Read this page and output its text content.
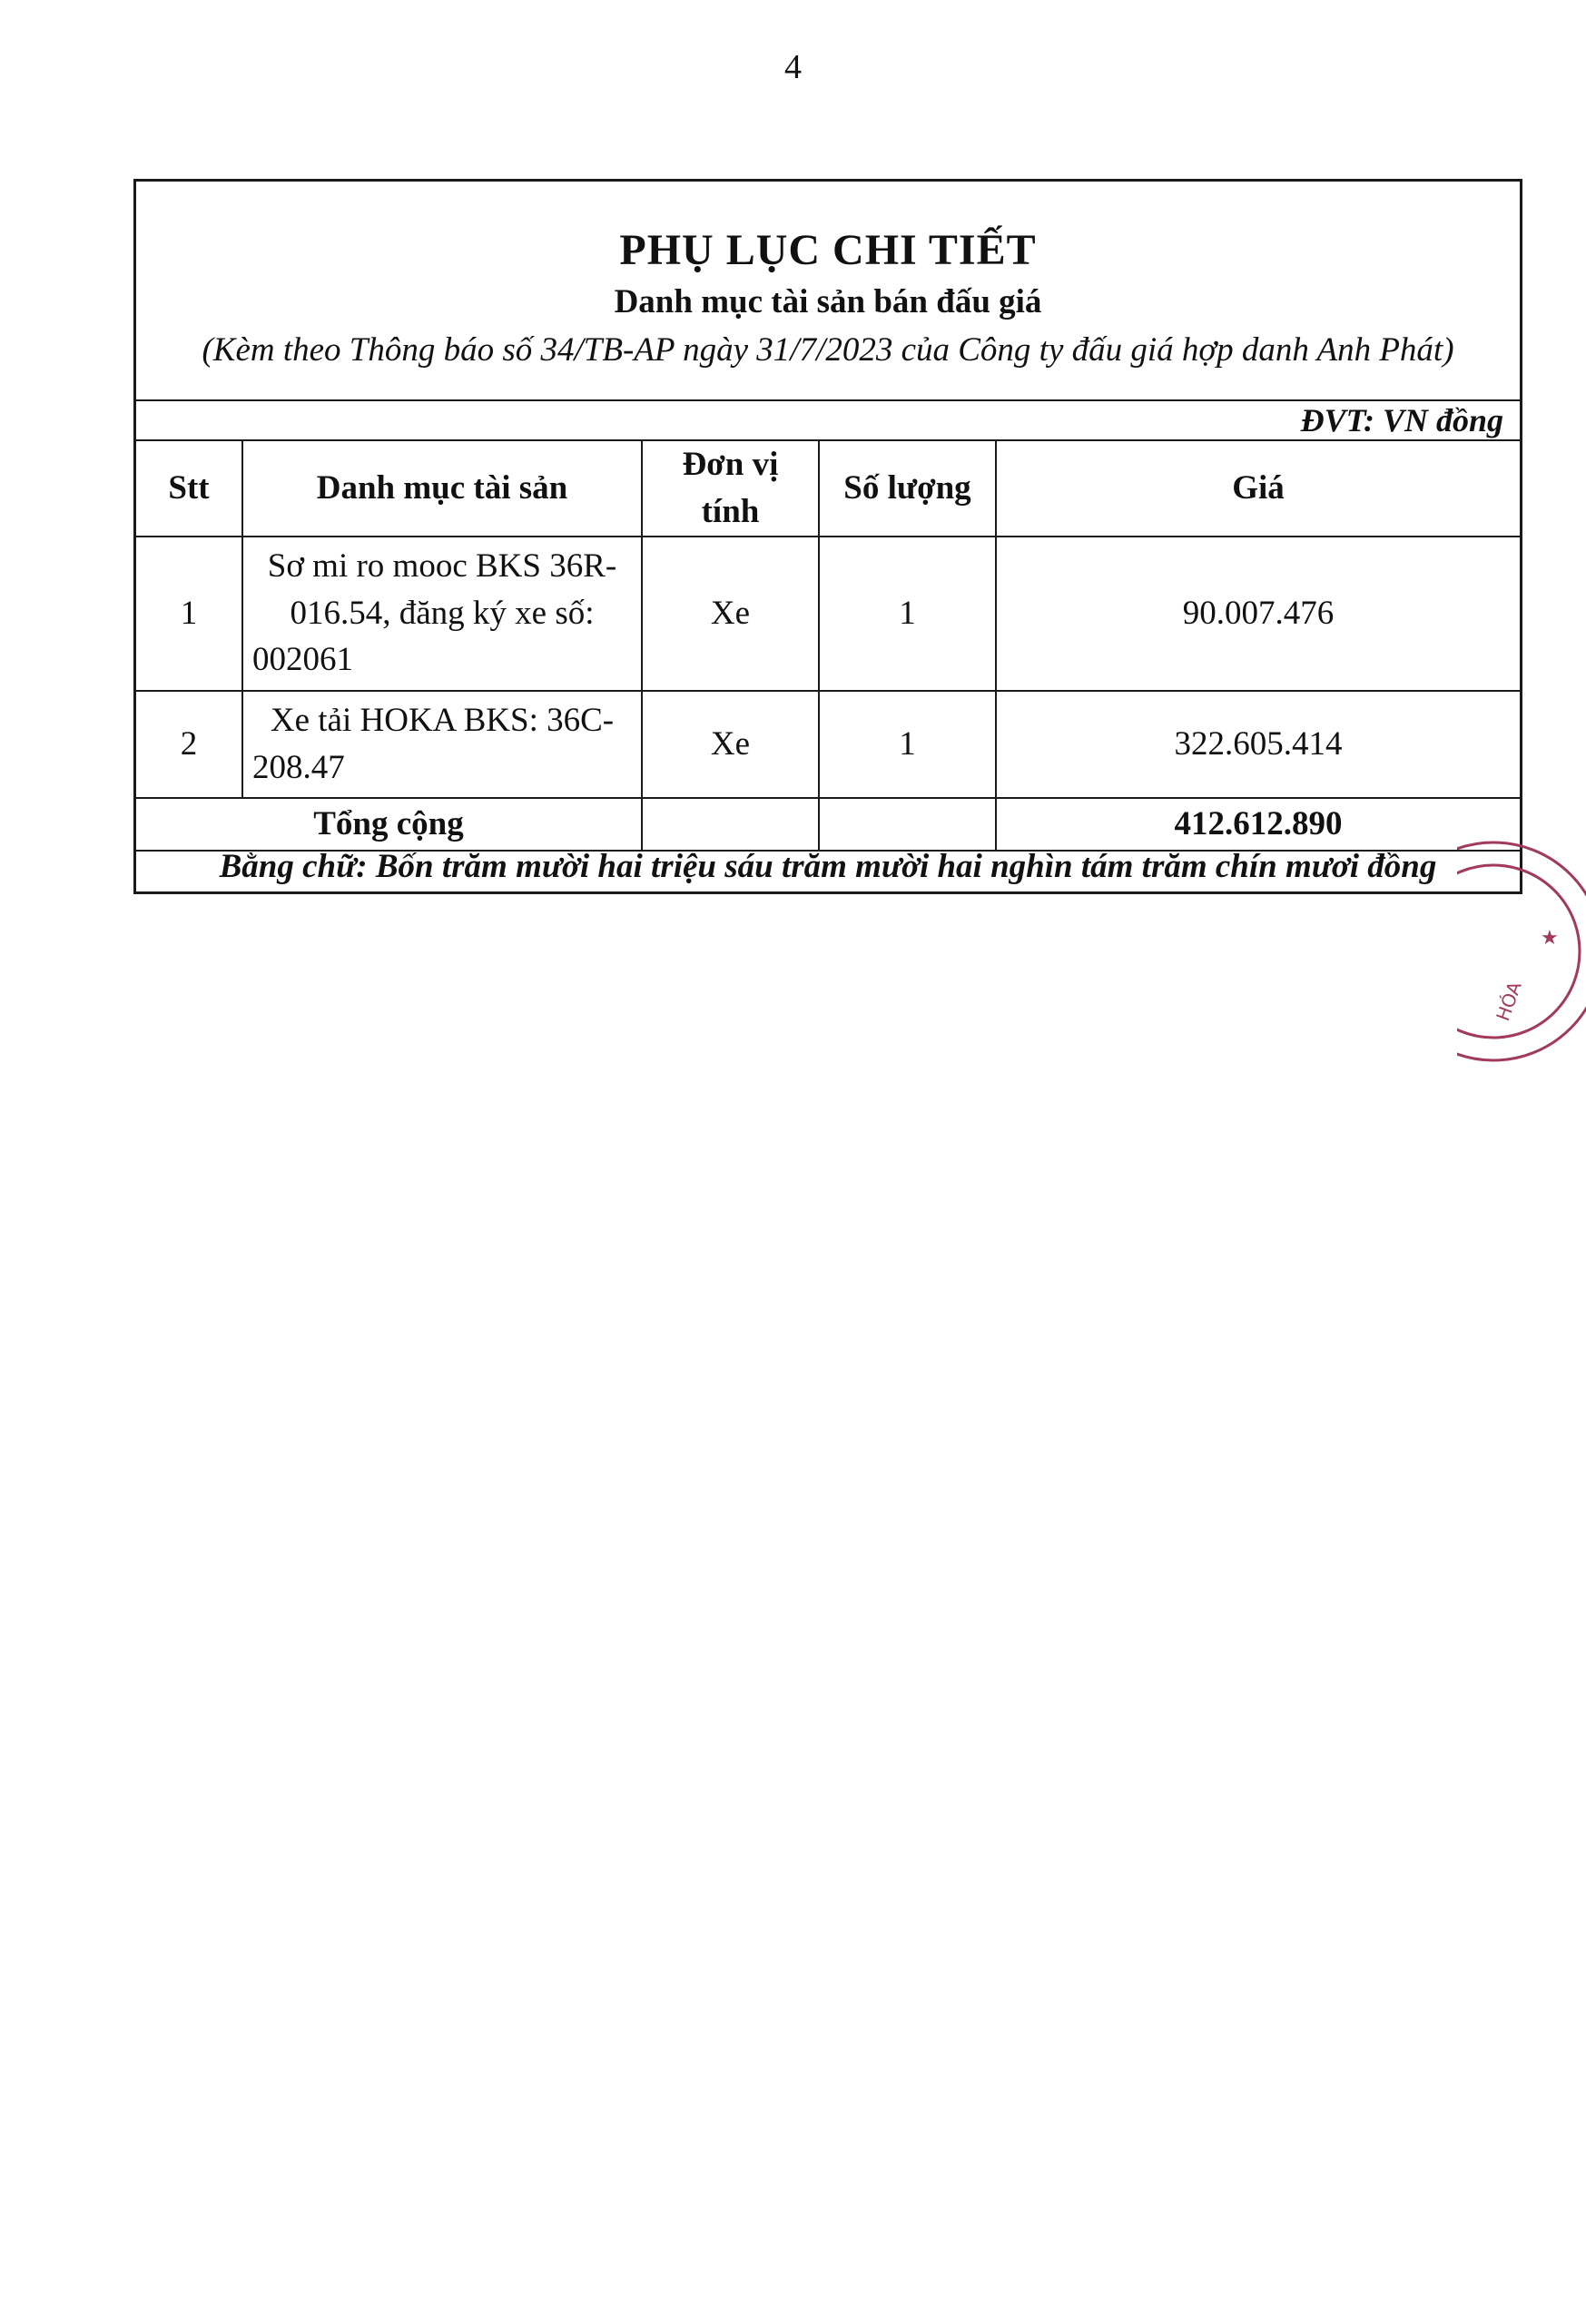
4
PHỤ LỤC CHI TIẾT
Danh mục tài sản bán đấu giá
(Kèm theo Thông báo số 34/TB-AP ngày 31/7/2023 của Công ty đấu giá hợp danh Anh Phát)
ĐVT: VN đồng
Stt	Danh mục tài sản	Đơn vị tính	Số lượng	Giá
1	Sơ mi ro mooc BKS 36R-016.54, đăng ký xe số: 002061	Xe	1	90.007.476
2	Xe tải HOKA BKS: 36C-208.47	Xe	1	322.605.414
Tổng cộng				412.612.890
Bằng chữ: Bốn trăm mười hai triệu sáu trăm mười hai nghìn tám trăm chín mươi đồng
★
HÓA
